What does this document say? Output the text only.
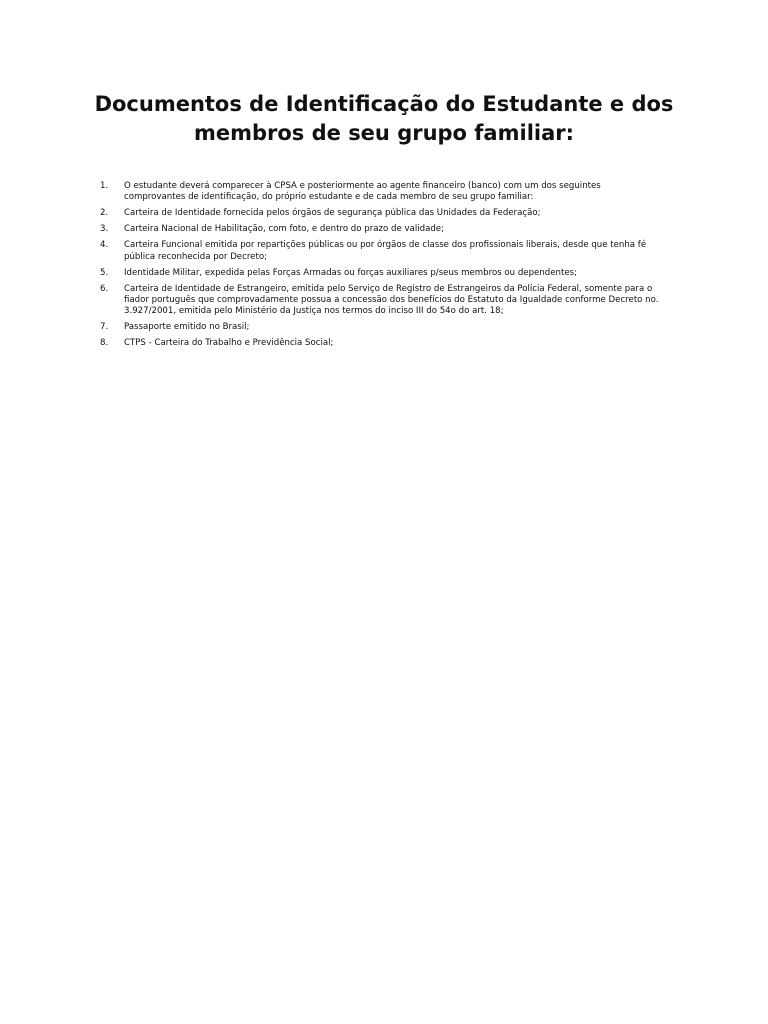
Documentos de Identificação do Estudante e dos membros de seu grupo familiar:
1.	O estudante deverá comparecer à CPSA e posteriormente ao agente financeiro (banco) com um dos seguintes comprovantes de identificação, do próprio estudante e de cada membro de seu grupo familiar:
2.	Carteira de Identidade fornecida pelos órgãos de segurança pública das Unidades da Federação;
3.	Carteira Nacional de Habilitação, com foto, e dentro do prazo de validade;
4.	Carteira Funcional emitida por repartições públicas ou por órgãos de classe dos profissionais liberais, desde que tenha fé pública reconhecida por Decreto;
5.	Identidade Militar, expedida pelas Forças Armadas ou forças auxiliares p/seus membros ou dependentes;
6.	Carteira de Identidade de Estrangeiro, emitida pelo Serviço de Registro de Estrangeiros da Polícia Federal, somente para o fiador português que comprovadamente possua a concessão dos benefícios do Estatuto da Igualdade conforme Decreto no. 3.927/2001, emitida pelo Ministério da Justiça nos termos do inciso III do 54o do art. 18;
7.	Passaporte emitido no Brasil;
8.	CTPS - Carteira do Trabalho e Previdência Social;
